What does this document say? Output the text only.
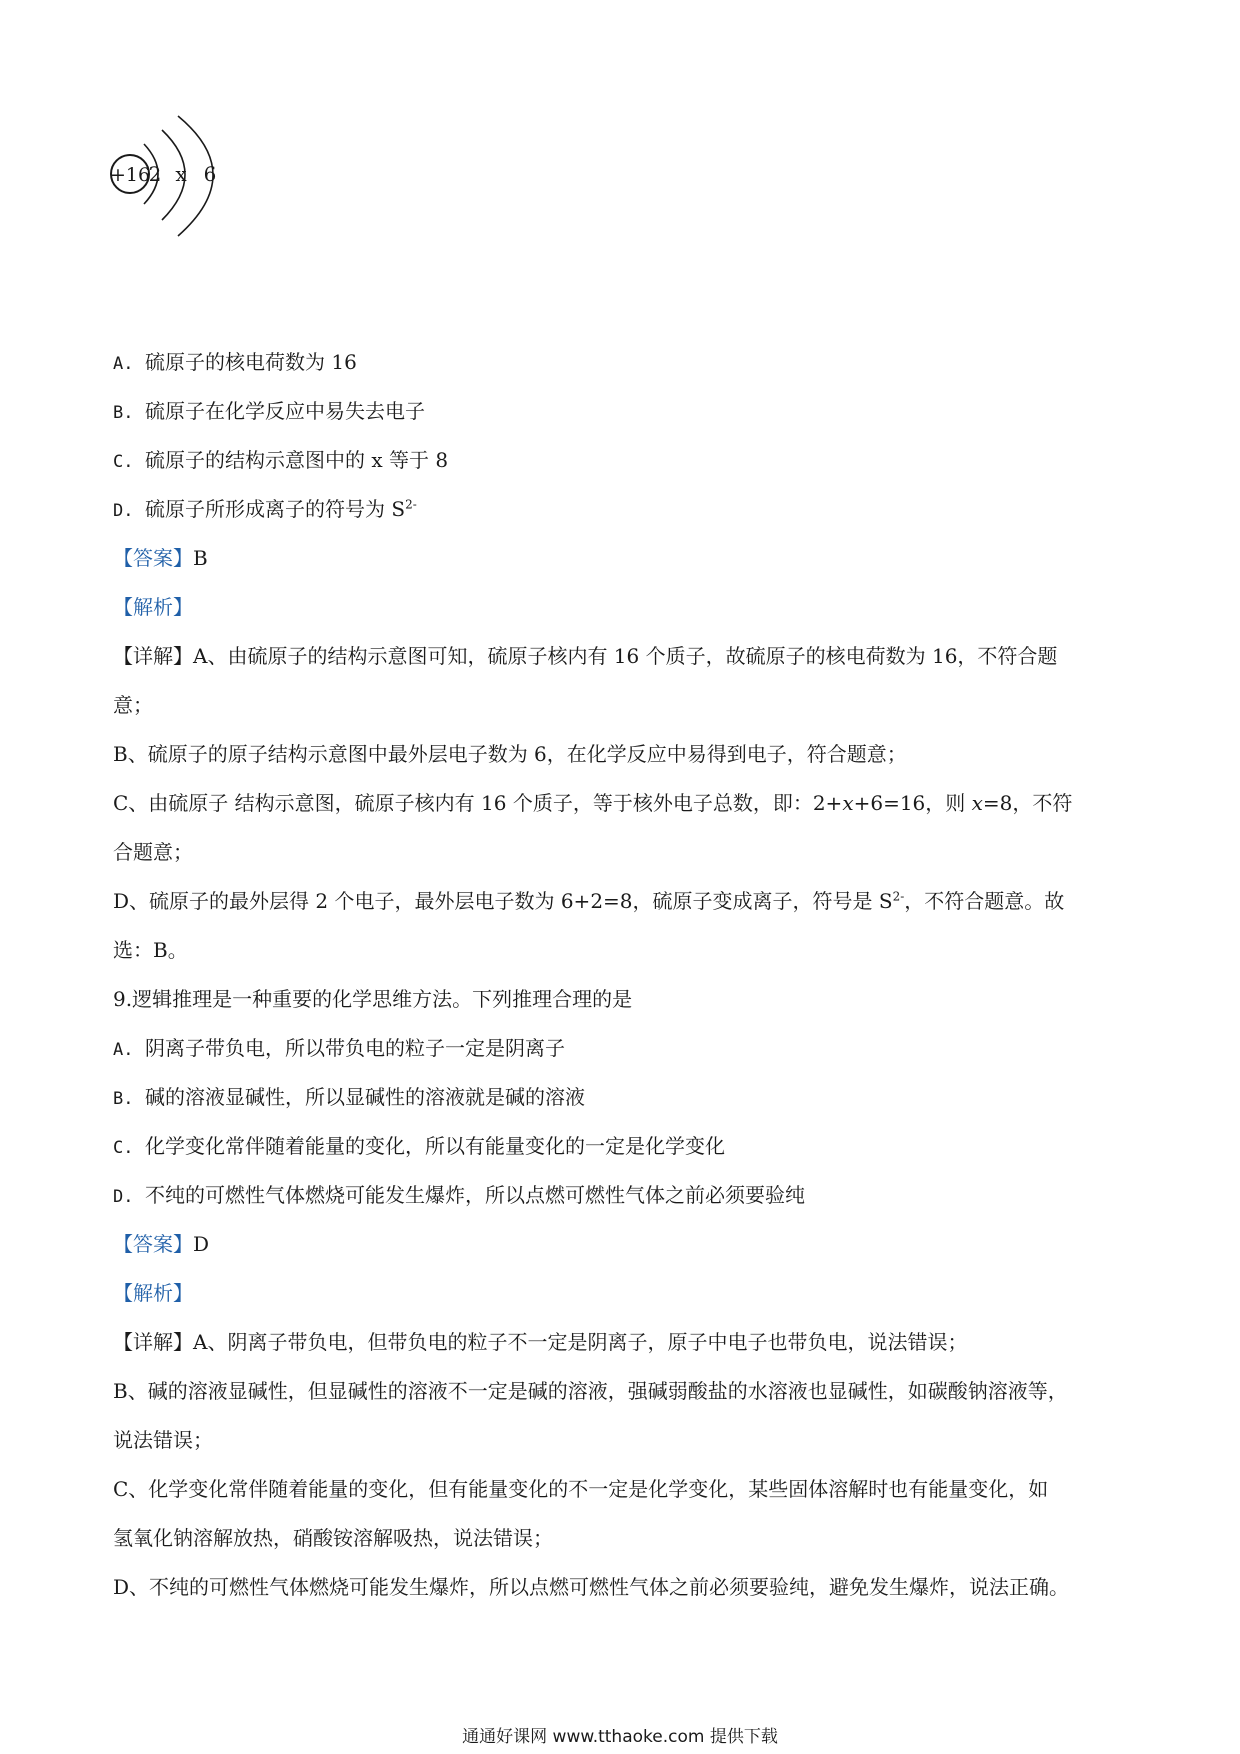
+16
2 x 6
A. 硫原子的核电荷数为 16
B. 硫原子在化学反应中易失去电子
C. 硫原子的结构示意图中的 x 等于 8
D. 硫原子所形成离子的符号为 $S^{2-}$
【答案】B
【解析】
【详解】A、由硫原子的结构示意图可知，硫原子核内有 16 个质子，故硫原子的核电荷数为 16，不符合题
意；
B、硫原子的原子结构示意图中最外层电子数为 6，在化学反应中易得到电子，符合题意；
C、由硫原子 结构示意图，硫原子核内有 16 个质子，等于核外电子总数，即：2+x+6=16，则 x=8，不符
合题意；
D、硫原子的最外层得 2 个电子，最外层电子数为 6+2=8，硫原子变成离子，符号是 $S^{2-}$，不符合题意。故
选：B。
9.逻辑推理是一种重要的化学思维方法。下列推理合理的是
A. 阴离子带负电，所以带负电的粒子一定是阴离子
B. 碱的溶液显碱性，所以显碱性的溶液就是碱的溶液
C. 化学变化常伴随着能量的变化，所以有能量变化的一定是化学变化
D. 不纯的可燃性气体燃烧可能发生爆炸，所以点燃可燃性气体之前必须要验纯
【答案】D
【解析】
【详解】A、阴离子带负电，但带负电的粒子不一定是阴离子，原子中电子也带负电，说法错误；
B、碱的溶液显碱性，但显碱性的溶液不一定是碱的溶液，强碱弱酸盐的水溶液也显碱性，如碳酸钠溶液等，
说法错误；
C、化学变化常伴随着能量的变化，但有能量变化的不一定是化学变化，某些固体溶解时也有能量变化，如
氢氧化钠溶解放热，硝酸铵溶解吸热，说法错误；
D、不纯的可燃性气体燃烧可能发生爆炸，所以点燃可燃性气体之前必须要验纯，避免发生爆炸，说法正确。
通通好课网 www.tthaoke.com 提供下载
